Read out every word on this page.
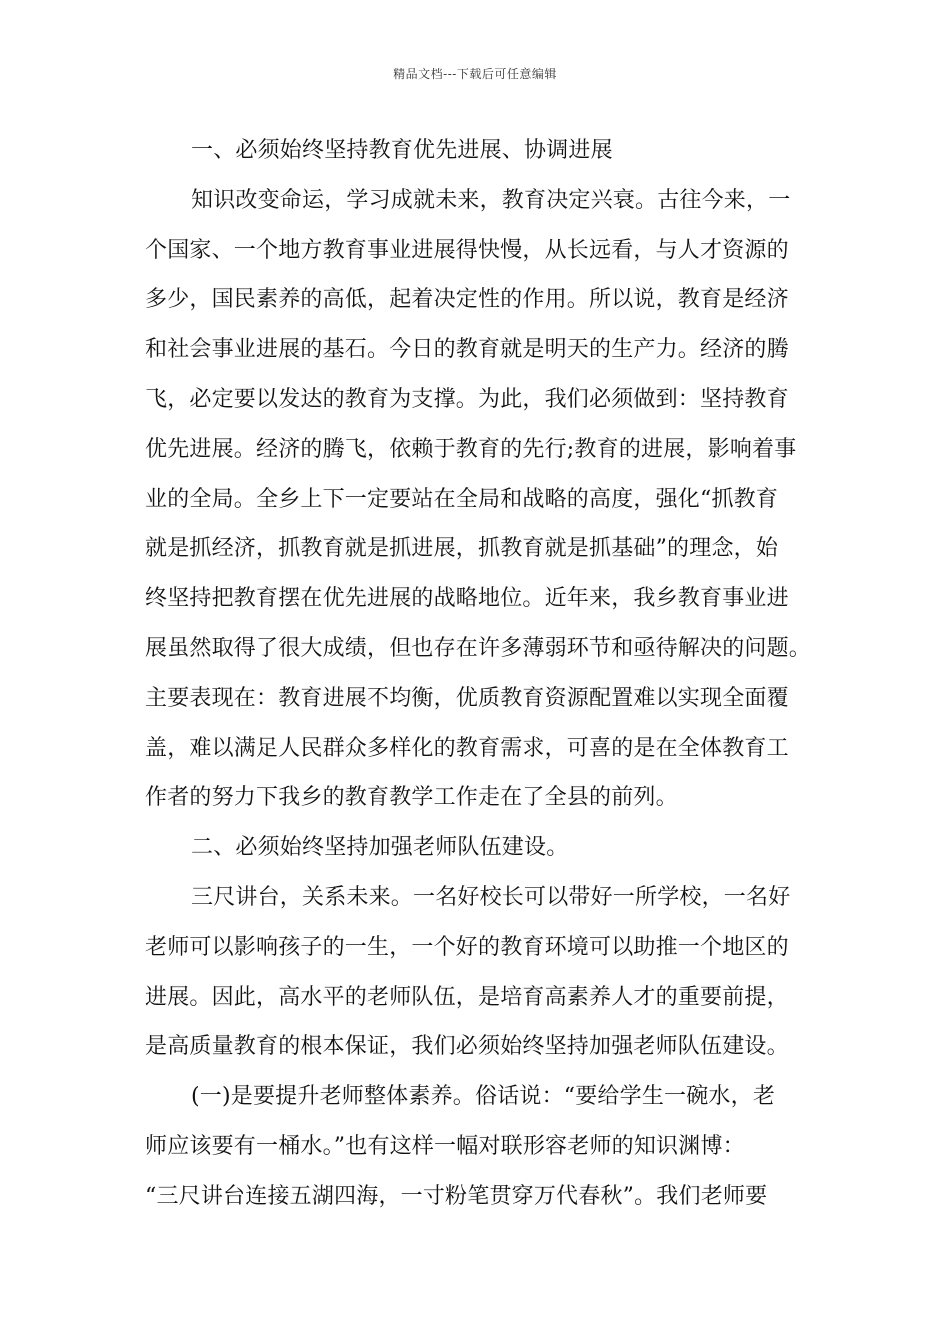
精品文档---下载后可任意编辑
一、必须始终坚持教育优先进展、协调进展
知识改变命运，学习成就未来，教育决定兴衰。古往今来，一
个国家、一个地方教育事业进展得快慢，从长远看，与人才资源的
多少，国民素养的高低，起着决定性的作用。所以说，教育是经济
和社会事业进展的基石。今日的教育就是明天的生产力。经济的腾
飞，必定要以发达的教育为支撑。为此，我们必须做到：坚持教育
优先进展。经济的腾飞，依赖于教育的先行;教育的进展，影响着事
业的全局。全乡上下一定要站在全局和战略的高度，强化“抓教育
就是抓经济，抓教育就是抓进展，抓教育就是抓基础”的理念，始
终坚持把教育摆在优先进展的战略地位。近年来，我乡教育事业进
展虽然取得了很大成绩，但也存在许多薄弱环节和亟待解决的问题。
主要表现在：教育进展不均衡，优质教育资源配置难以实现全面覆
盖，难以满足人民群众多样化的教育需求，可喜的是在全体教育工
作者的努力下我乡的教育教学工作走在了全县的前列。
二、必须始终坚持加强老师队伍建设。
三尺讲台，关系未来。一名好校长可以带好一所学校，一名好
老师可以影响孩子的一生，一个好的教育环境可以助推一个地区的
进展。因此，高水平的老师队伍，是培育高素养人才的重要前提，
是高质量教育的根本保证，我们必须始终坚持加强老师队伍建设。
(一)是要提升老师整体素养。俗话说：“要给学生一碗水，老
师应该要有一桶水。”也有这样一幅对联形容老师的知识渊博：
“三尺讲台连接五湖四海，一寸粉笔贯穿万代春秋”。我们老师要
